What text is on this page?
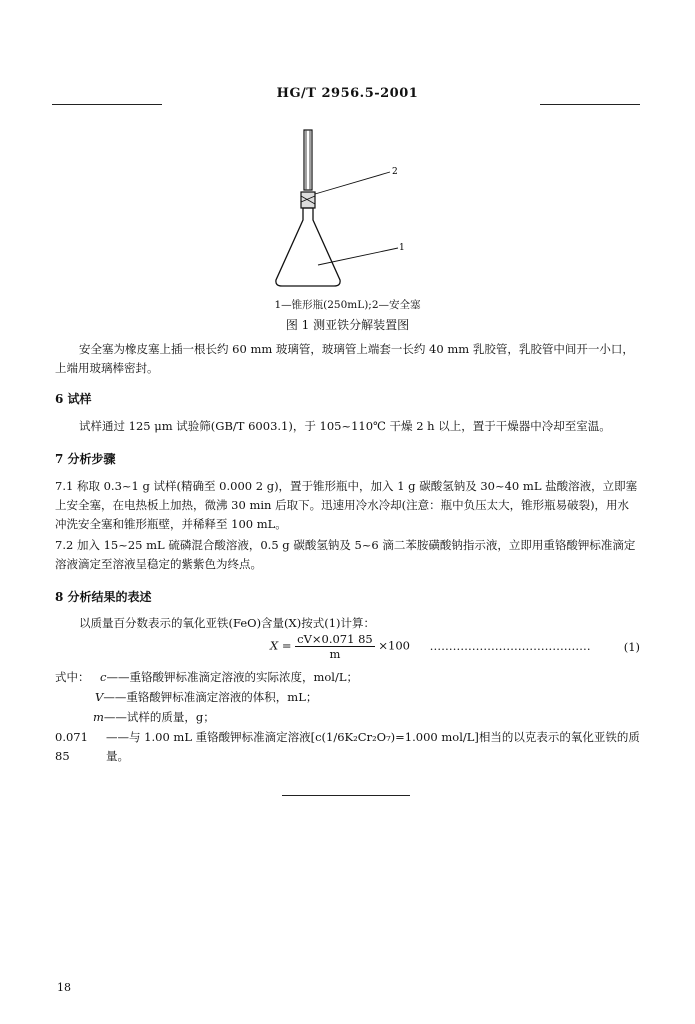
HG/T 2956.5-2001
2
1
1—锥形瓶(250mL);2—安全塞
图 1 测亚铁分解装置图
安全塞为橡皮塞上插一根长约 60 mm 玻璃管，玻璃管上端套一长约 40 mm 乳胶管，乳胶管中间开一小口，上端用玻璃棒密封。
6 试样
试样通过 125 μm 试验筛(GB/T 6003.1)，于 105~110℃ 干燥 2 h 以上，置于干燥器中冷却至室温。
7 分析步骤
7.1 称取 0.3~1 g 试样(精确至 0.000 2 g)，置于锥形瓶中，加入 1 g 碳酸氢钠及 30~40 mL 盐酸溶液，立即塞上安全塞，在电热板上加热，微沸 30 min 后取下。迅速用冷水冷却(注意：瓶中负压太大，锥形瓶易破裂)，用水冲洗安全塞和锥形瓶壁，并稀释至 100 mL。
7.2 加入 15~25 mL 硫磷混合酸溶液，0.5 g 碳酸氢钠及 5~6 滴二苯胺磺酸钠指示液，立即用重铬酸钾标准滴定溶液滴定至溶液呈稳定的紫紫色为终点。
8 分析结果的表述
以质量百分数表示的氧化亚铁(FeO)含量(X)按式(1)计算：
$X = \frac{cV\times 0.071 85}{m} \times 100$ ……………………………………	(1)
式中： c——重铬酸钾标准滴定溶液的实际浓度，mol/L；
V——重铬酸钾标准滴定溶液的体积，mL；
m——试样的质量，g；
0.071 85
——与 1.00 mL 重铬酸钾标准滴定溶液[c(1/6K₂Cr₂O₇)=1.000 mol/L]相当的以克表示的氧化亚铁的质量。
18
